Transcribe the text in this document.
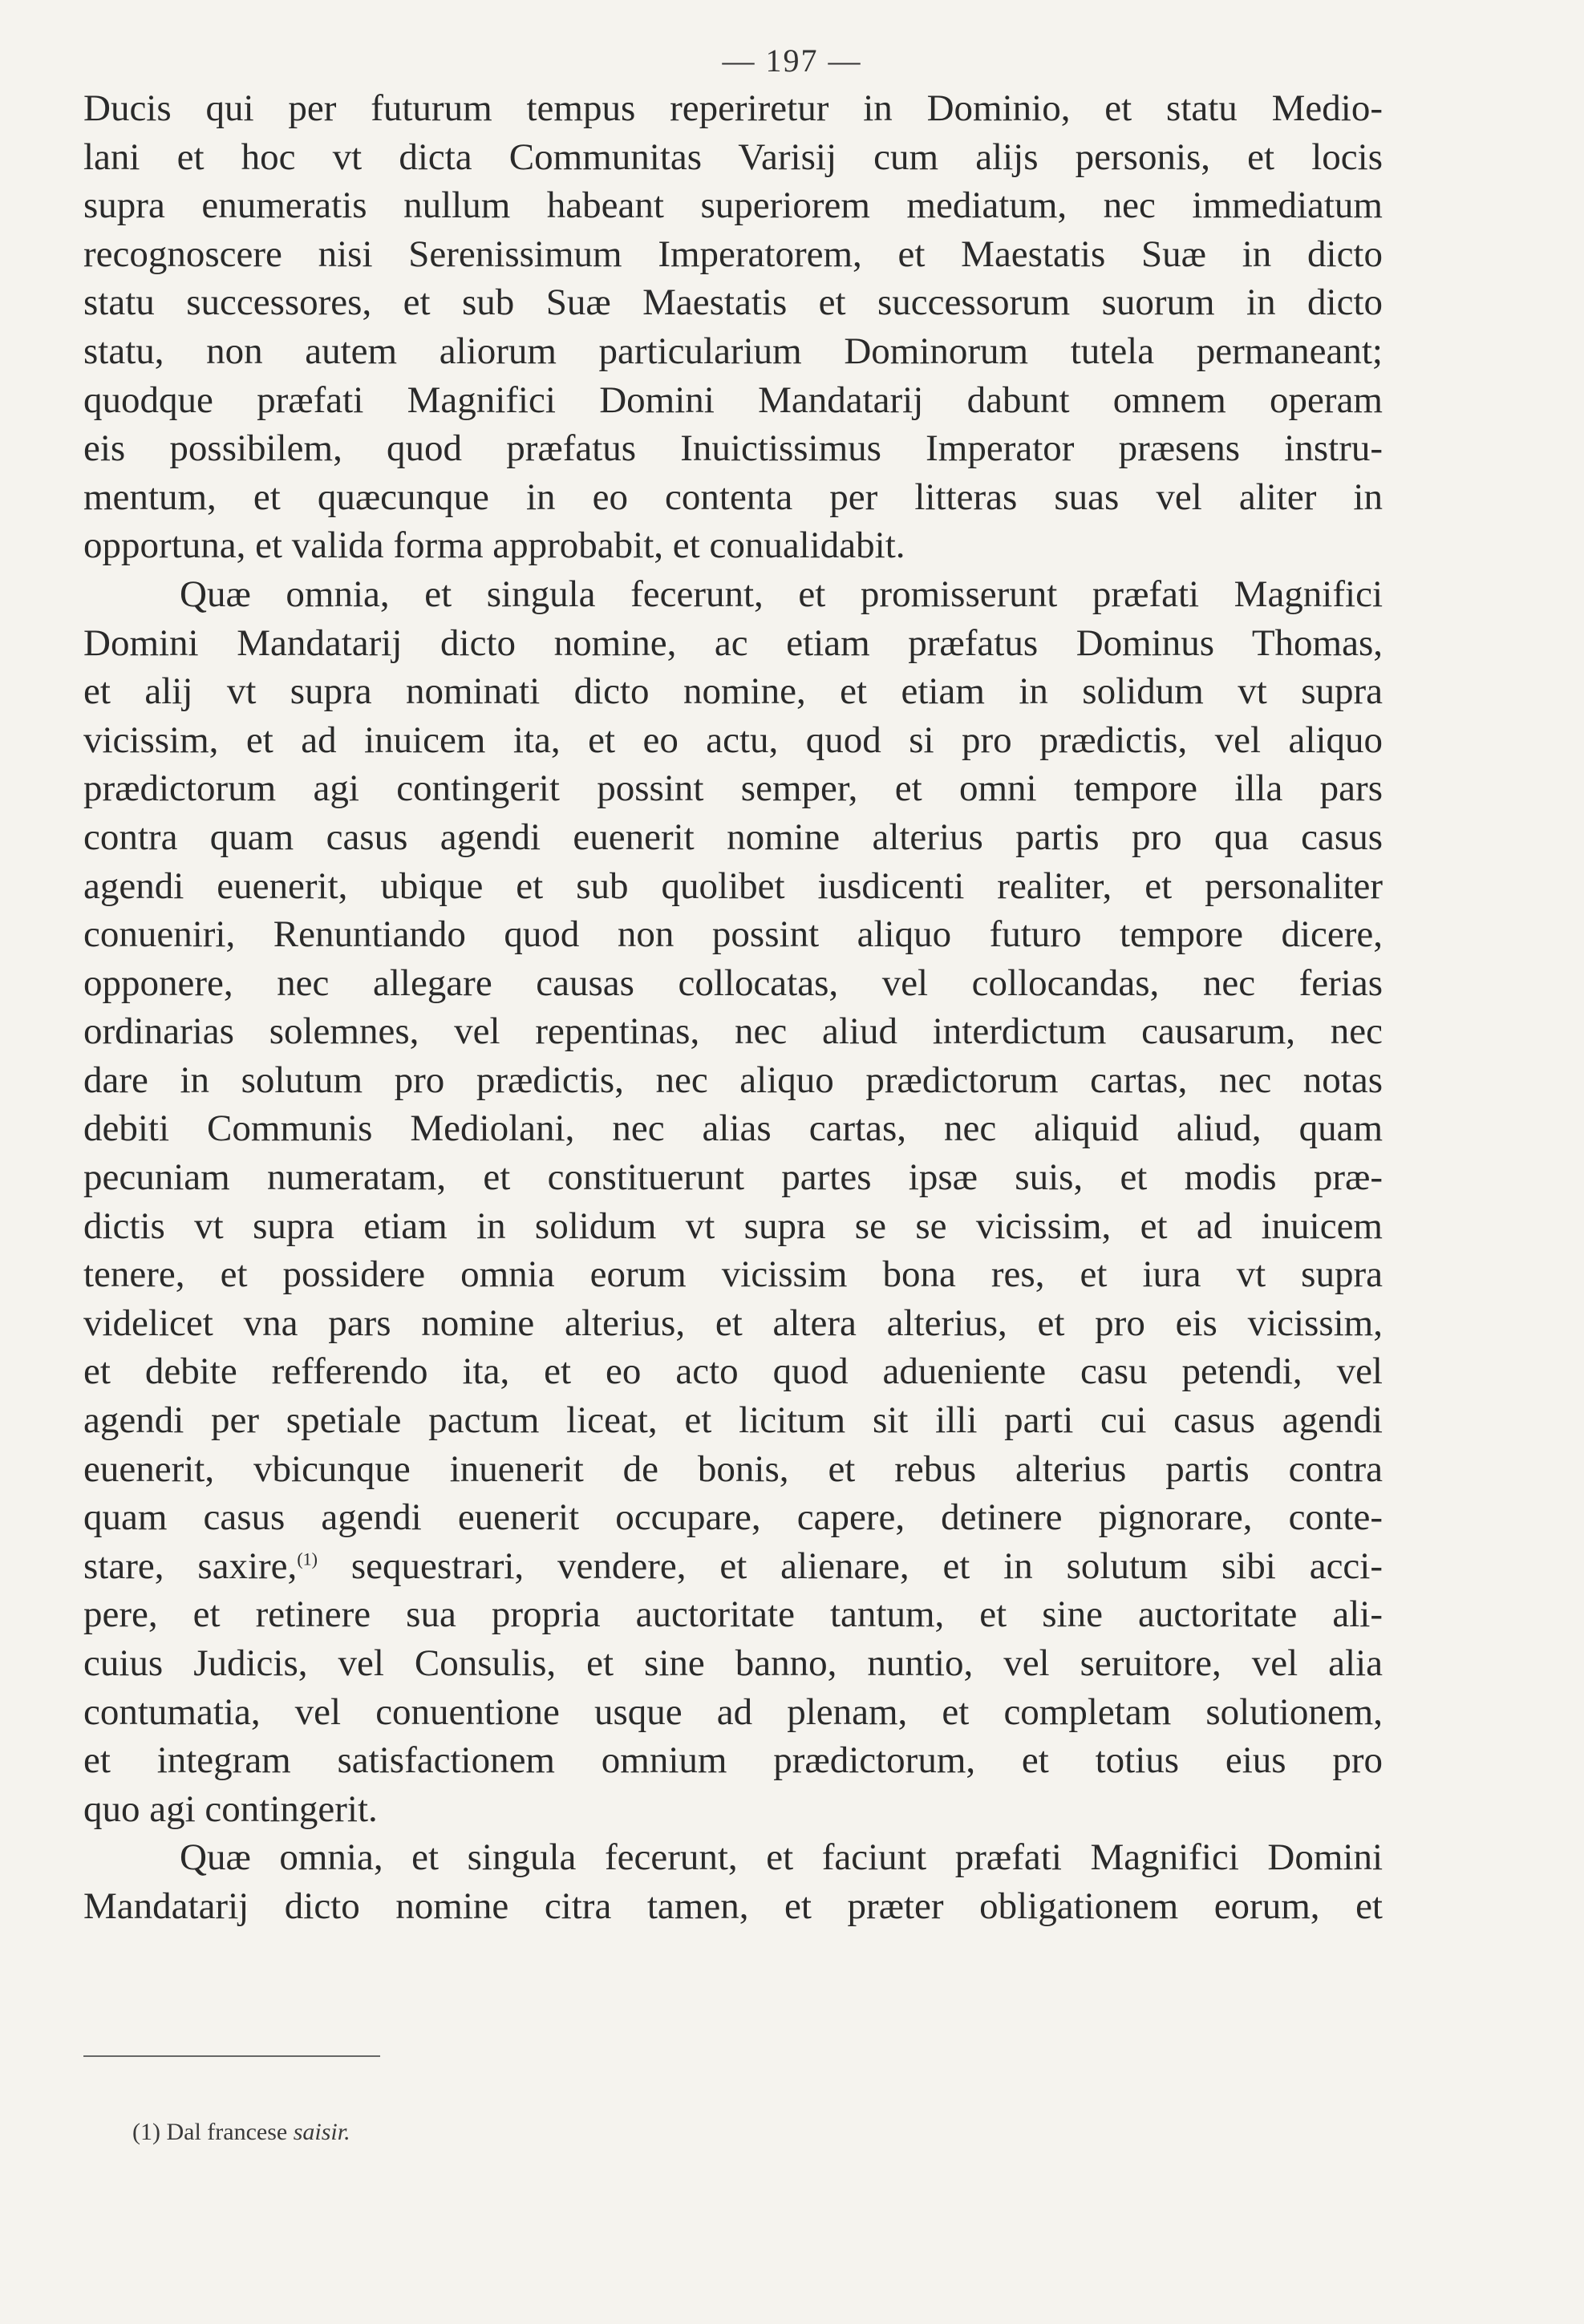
— 197 —
Ducis qui per futurum tempus reperiretur in Dominio, et statu Medio-
lani et hoc vt dicta Communitas Varisij cum alijs personis, et locis
supra enumeratis nullum habeant superiorem mediatum, nec immediatum
recognoscere nisi Serenissimum Imperatorem, et Maestatis Suæ in dicto
statu successores, et sub Suæ Maestatis et successorum suorum in dicto
statu, non autem aliorum particularium Dominorum tutela permaneant;
quodque præfati Magnifici Domini Mandatarij dabunt omnem operam
eis possibilem, quod præfatus Inuictissimus Imperator præsens instru-
mentum, et quæcunque in eo contenta per litteras suas vel aliter in
opportuna, et valida forma approbabit, et conualidabit.
Quæ omnia, et singula fecerunt, et promisserunt præfati Magnifici
Domini Mandatarij dicto nomine, ac etiam præfatus Dominus Thomas,
et alij vt supra nominati dicto nomine, et etiam in solidum vt supra
vicissim, et ad inuicem ita, et eo actu, quod si pro prædictis, vel aliquo
prædictorum agi contingerit possint semper, et omni tempore illa pars
contra quam casus agendi euenerit nomine alterius partis pro qua casus
agendi euenerit, ubique et sub quolibet iusdicenti realiter, et personaliter
conueniri, Renuntiando quod non possint aliquo futuro tempore dicere,
opponere, nec allegare causas collocatas, vel collocandas, nec ferias
ordinarias solemnes, vel repentinas, nec aliud interdictum causarum, nec
dare in solutum pro prædictis, nec aliquo prædictorum cartas, nec notas
debiti Communis Mediolani, nec alias cartas, nec aliquid aliud, quam
pecuniam numeratam, et constituerunt partes ipsæ suis, et modis præ-
dictis vt supra etiam in solidum vt supra se se vicissim, et ad inuicem
tenere, et possidere omnia eorum vicissim bona res, et iura vt supra
videlicet vna pars nomine alterius, et altera alterius, et pro eis vicissim,
et debite refferendo ita, et eo acto quod adueniente casu petendi, vel
agendi per spetiale pactum liceat, et licitum sit illi parti cui casus agendi
euenerit, vbicunque inuenerit de bonis, et rebus alterius partis contra
quam casus agendi euenerit occupare, capere, detinere pignorare, conte-
stare, saxire,$^{(1)}$ sequestrari, vendere, et alienare, et in solutum sibi acci-
pere, et retinere sua propria auctoritate tantum, et sine auctoritate ali-
cuius Judicis, vel Consulis, et sine banno, nuntio, vel seruitore, vel alia
contumatia, vel conuentione usque ad plenam, et completam solutionem,
et integram satisfactionem omnium prædictorum, et totius eius pro
quo agi contingerit.
Quæ omnia, et singula fecerunt, et faciunt præfati Magnifici Domini
Mandatarij dicto nomine citra tamen, et præter obligationem eorum, et
(1) Dal francese saisir.
